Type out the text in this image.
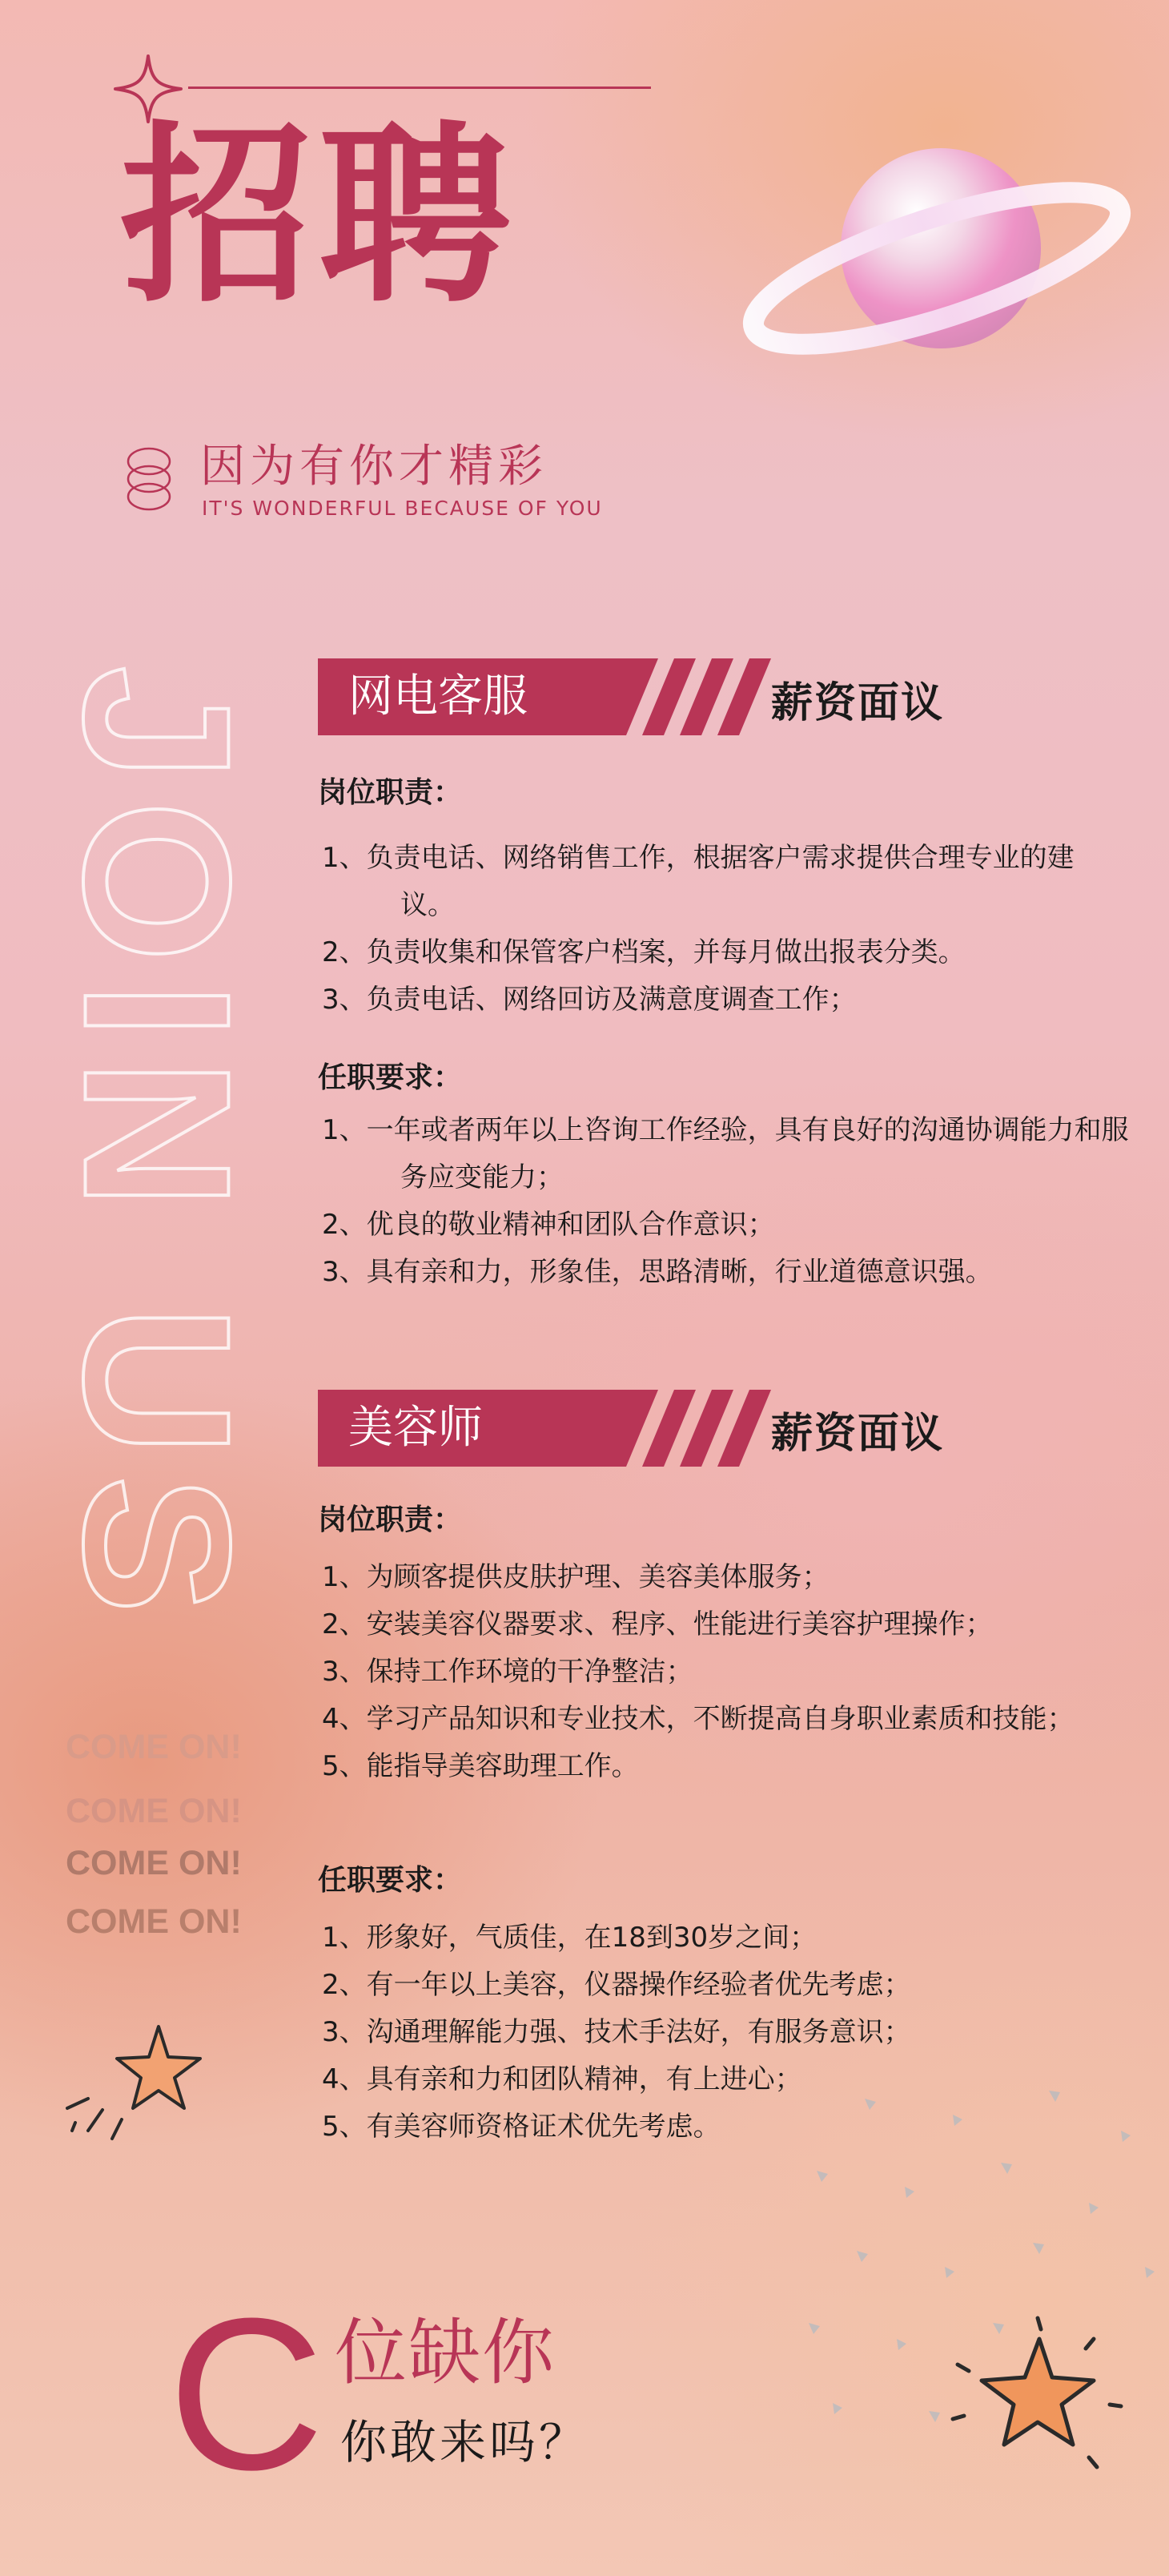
招聘
因为有你才精彩
IT'S WONDERFUL BECAUSE OF YOU
JOIN US
COME ON!
COME ON!
COME ON!
COME ON!
网电客服	薪资面议
岗位职责：
1、负责电话、网络销售工作，根据客户需求提供合理专业的建议。
2、负责收集和保管客户档案，并每月做出报表分类。
3、负责电话、网络回访及满意度调查工作；
任职要求：
1、一年或者两年以上咨询工作经验，具有良好的沟通协调能力和服务应变能力；
2、优良的敬业精神和团队合作意识；
3、具有亲和力，形象佳，思路清晰，行业道德意识强。
美容师	薪资面议
岗位职责：
1、为顾客提供皮肤护理、美容美体服务；
2、安装美容仪器要求、程序、性能进行美容护理操作；
3、保持工作环境的干净整洁；
4、学习产品知识和专业技术，不断提高自身职业素质和技能；
5、能指导美容助理工作。
任职要求：
1、形象好，气质佳，在18到30岁之间；
2、有一年以上美容，仪器操作经验者优先考虑；
3、沟通理解能力强、技术手法好，有服务意识；
4、具有亲和力和团队精神，有上进心；
5、有美容师资格证术优先考虑。
C 位缺你
你敢来吗？
